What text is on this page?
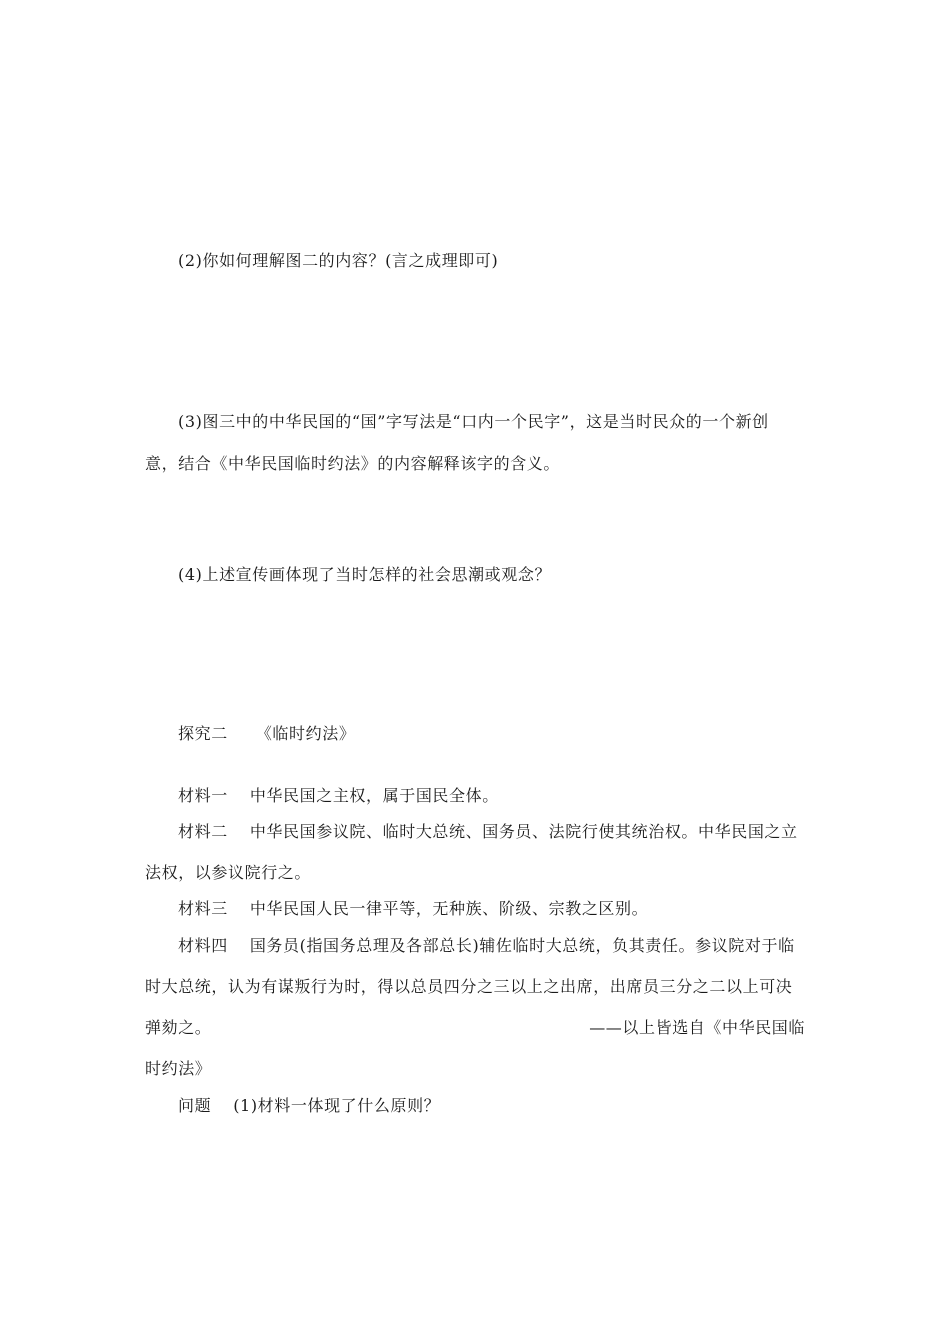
(2)你如何理解图二的内容？(言之成理即可)
(3)图三中的中华民国的“国”字写法是“口内一个民字”，这是当时民众的一个新创
意，结合《中华民国临时约法》的内容解释该字的含义。
(4)上述宣传画体现了当时怎样的社会思潮或观念？
探究二 《临时约法》
材料一 中华民国之主权，属于国民全体。
材料二 中华民国参议院、临时大总统、国务员、法院行使其统治权。中华民国之立
法权，以参议院行之。
材料三 中华民国人民一律平等，无种族、阶级、宗教之区别。
材料四 国务员(指国务总理及各部总长)辅佐临时大总统，负其责任。参议院对于临
时大总统，认为有谋叛行为时，得以总员四分之三以上之出席，出席员三分之二以上可决
弹劾之。	——以上皆选自《中华民国临
时约法》
问题 (1)材料一体现了什么原则？
